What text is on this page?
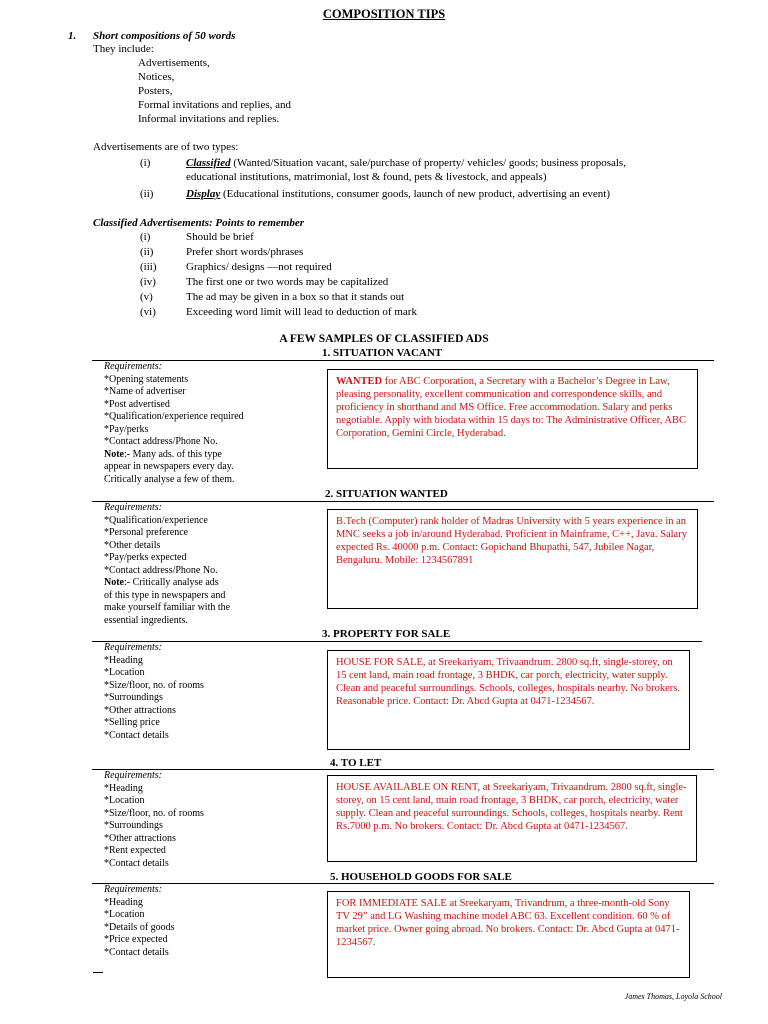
COMPOSITION TIPS
1. Short compositions of 50 words
They include:
Advertisements,
Notices,
Posters,
Formal invitations and replies, and
Informal invitations and replies.
Advertisements are of two types:
(i)	Classified (Wanted/Situation vacant, sale/purchase of property/ vehicles/ goods; business proposals,
educational institutions, matrimonial, lost & found, pets & livestock, and appeals)
(ii)	Display (Educational institutions, consumer goods, launch of new product, advertising an event)
Classified Advertisements: Points to remember
(i)	Should be brief
(ii)	Prefer short words/phrases
(iii)	Graphics/ designs —not required
(iv)	The first one or two words may be capitalized
(v)	The ad may be given in a box so that it stands out
(vi)	Exceeding word limit will lead to deduction of mark
A FEW SAMPLES OF CLASSIFIED ADS
1. SITUATION VACANT
Requirements:
*Opening statements
*Name of advertiser
*Post advertised
*Qualification/experience required
*Pay/perks
*Contact address/Phone No.
Note:- Many ads. of this type
appear in newspapers every day.
Critically analyse a few of them.
WANTED for ABC Corporation, a Secretary with a Bachelor’s Degree in Law, pleasing personality, excellent communication and correspondence skills, and proficiency in shorthand and MS Office. Free accommodation. Salary and perks negotiable. Apply with biodata within 15 days to: The Administrative Officer, ABC Corporation, Gemini Circle, Hyderabad.
2. SITUATION WANTED
Requirements:
*Qualification/experience
*Personal preference
*Other details
*Pay/perks expected
*Contact address/Phone No.
Note:- Critically analyse ads
of this type in newspapers and
make yourself familiar with the
essential ingredients.
B.Tech (Computer) rank holder of Madras University with 5 years experience in an MNC seeks a job in/around Hyderabad. Proficient in Mainframe, C++, Java. Salary expected Rs. 40000 p.m. Contact: Gopichand Bhupathi, 547, Jubilee Nagar, Bengaluru. Mobile: 1234567891
3. PROPERTY FOR SALE
Requirements:
*Heading
*Location
*Size/floor, no. of rooms
*Surroundings
*Other attractions
*Selling price
*Contact details
HOUSE FOR SALE, at Sreekariyam, Trivaandrum. 2800 sq.ft, single-storey, on 15 cent land, main road frontage, 3 BHDK, car porch, electricity, water supply. Clean and peaceful surroundings. Schools, colleges, hospitals nearby. No brokers. Reasonable price. Contact: Dr. Abcd Gupta at 0471-1234567.
4. TO LET
Requirements:
*Heading
*Location
*Size/floor, no. of rooms
*Surroundings
*Other attractions
*Rent expected
*Contact details
HOUSE AVAILABLE ON RENT, at Sreekariyam, Trivaandrum. 2800 sq.ft, single-storey, on 15 cent land, main road frontage, 3 BHDK, car porch, electricity, water supply. Clean and peaceful surroundings. Schools, colleges, hospitals nearby. Rent Rs.7000 p.m. No brokers. Contact: Dr. Abcd Gupta at 0471-1234567.
5. HOUSEHOLD GOODS FOR SALE
Requirements:
*Heading
*Location
*Details of goods
*Price expected
*Contact details
FOR IMMEDIATE SALE at Sreekaryam, Trivandrum, a three-month-old Sony TV 29” and LG Washing machine model ABC 63. Excellent condition. 60 % of market price. Owner going abroad. No brokers. Contact: Dr. Abcd Gupta at 0471-1234567.
James Thomas, Loyola School
